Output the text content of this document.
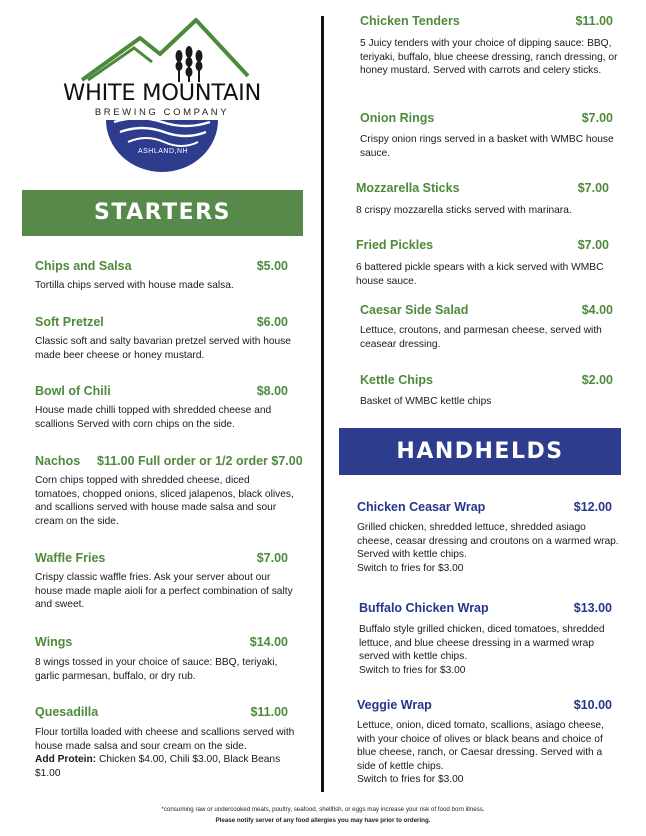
WHITE MOUNTAIN
BREWING COMPANY
ASHLAND,NH
STARTERS
Chips and Salsa	$5.00
Tortilla chips served with house made salsa.
Soft Pretzel	$6.00
Classic soft and salty bavarian pretzel served with house made beer cheese or honey mustard.
Bowl of Chili	$8.00
House made chilli topped with shredded cheese and scallions Served with corn chips on the side.
Nachos $11.00 Full order or 1/2 order $7.00
Corn chips topped with shredded cheese, diced tomatoes, chopped onions, sliced jalapenos, black olives, and scallions served with house made salsa and sour cream on the side.
Waffle Fries	$7.00
Crispy classic waffle fries. Ask your server about our house made maple aioli for a perfect combination of salty and sweet.
Wings	$14.00
8 wings tossed in your choice of sauce: BBQ, teriyaki, garlic parmesan, buffalo, or dry rub.
Quesadilla	$11.00
Flour tortilla loaded with cheese and scallions served with house made salsa and sour cream on the side.
Add Protein: Chicken $4.00, Chili $3.00, Black Beans $1.00
Chicken Tenders	$11.00
5 Juicy tenders with your choice of dipping sauce: BBQ, teriyaki, buffalo, blue cheese dressing, ranch dressing, or honey mustard. Served with carrots and celery sticks.
Onion Rings	$7.00
Crispy onion rings served in a basket with WMBC house sauce.
Mozzarella Sticks	$7.00
8 crispy mozzarella sticks served with marinara.
Fried Pickles	$7.00
6 battered pickle spears with a kick served with WMBC house sauce.
Caesar Side Salad	$4.00
Lettuce, croutons, and parmesan cheese, served with ceasear dressing.
Kettle Chips	$2.00
Basket of WMBC kettle chips
HANDHELDS
Chicken Ceasar Wrap	$12.00
Grilled chicken, shredded lettuce, shredded asiago cheese, ceasar dressing and croutons on a warmed wrap. Served with kettle chips.
Switch to fries for $3.00
Buffalo Chicken Wrap	$13.00
Buffalo style grilled chicken, diced tomatoes, shredded lettuce, and blue cheese dressing in a warmed wrap served with kettle chips.
Switch to fries for $3.00
Veggie Wrap	$10.00
Lettuce, onion, diced tomato, scallions, asiago cheese, with your choice of olives or black beans and choice of blue cheese, ranch, or Caesar dressing. Served with a side of kettle chips.
Switch to fries for $3.00
*consuming raw or undercooked meats, poultry, seafood, shellfish, or eggs may increase your risk of food born illness.
Please notify server of any food allergies you may have prior to ordering.
